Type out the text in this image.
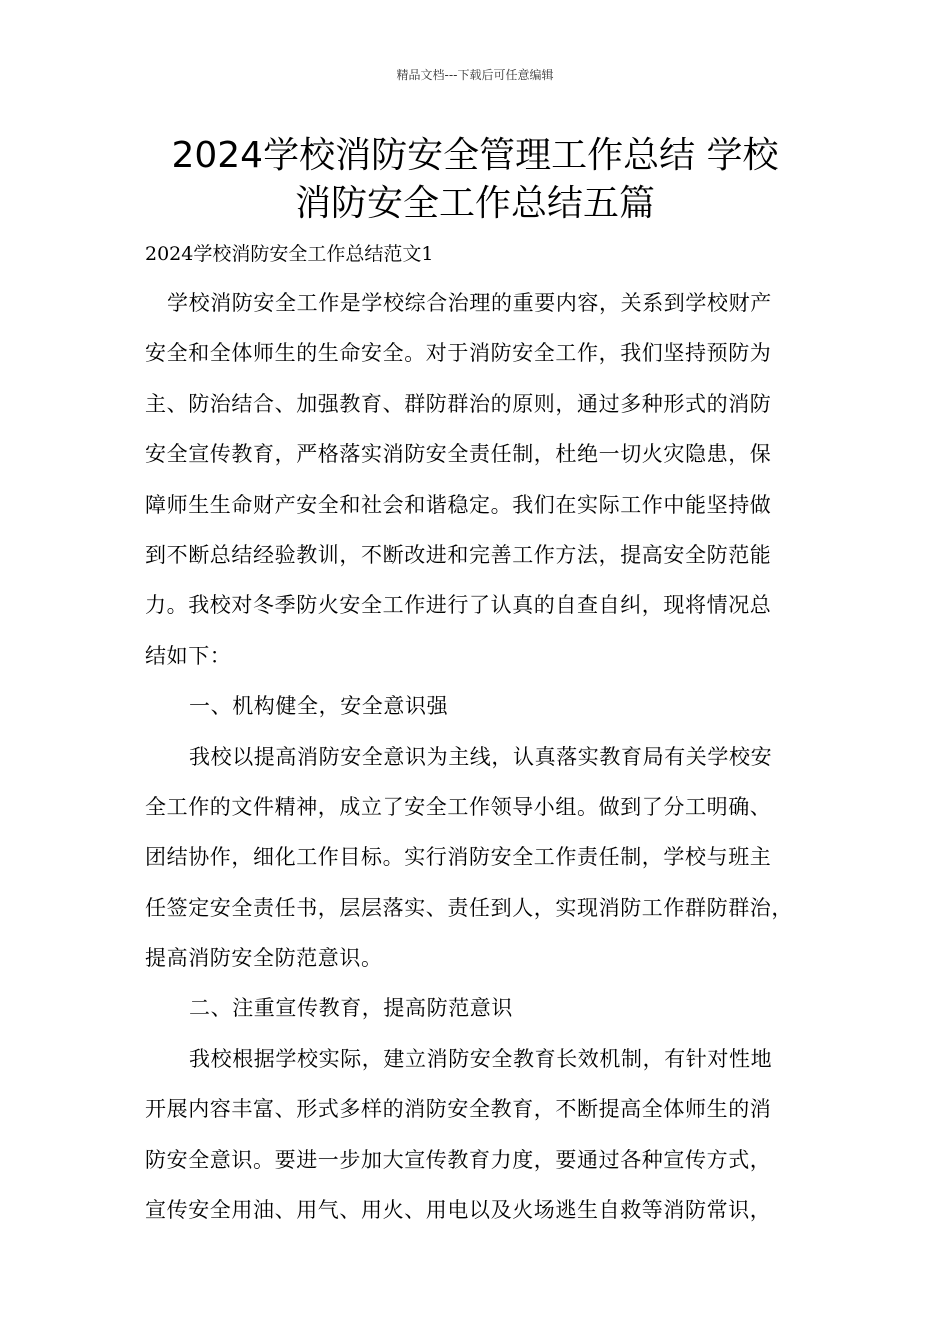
精品文档---下载后可任意编辑
2024学校消防安全管理工作总结 学校
消防安全工作总结五篇
2024学校消防安全工作总结范文1
学校消防安全工作是学校综合治理的重要内容，关系到学校财产
安全和全体师生的生命安全。对于消防安全工作，我们坚持预防为
主、防治结合、加强教育、群防群治的原则，通过多种形式的消防
安全宣传教育，严格落实消防安全责任制，杜绝一切火灾隐患，保
障师生生命财产安全和社会和谐稳定。我们在实际工作中能坚持做
到不断总结经验教训，不断改进和完善工作方法，提高安全防范能
力。我校对冬季防火安全工作进行了认真的自查自纠，现将情况总
结如下：
一、机构健全，安全意识强
我校以提高消防安全意识为主线，认真落实教育局有关学校安
全工作的文件精神，成立了安全工作领导小组。做到了分工明确、
团结协作，细化工作目标。实行消防安全工作责任制，学校与班主
任签定安全责任书，层层落实、责任到人，实现消防工作群防群治，
提高消防安全防范意识。
二、注重宣传教育，提高防范意识
我校根据学校实际，建立消防安全教育长效机制，有针对性地
开展内容丰富、形式多样的消防安全教育，不断提高全体师生的消
防安全意识。要进一步加大宣传教育力度，要通过各种宣传方式，
宣传安全用油、用气、用火、用电以及火场逃生自救等消防常识，
